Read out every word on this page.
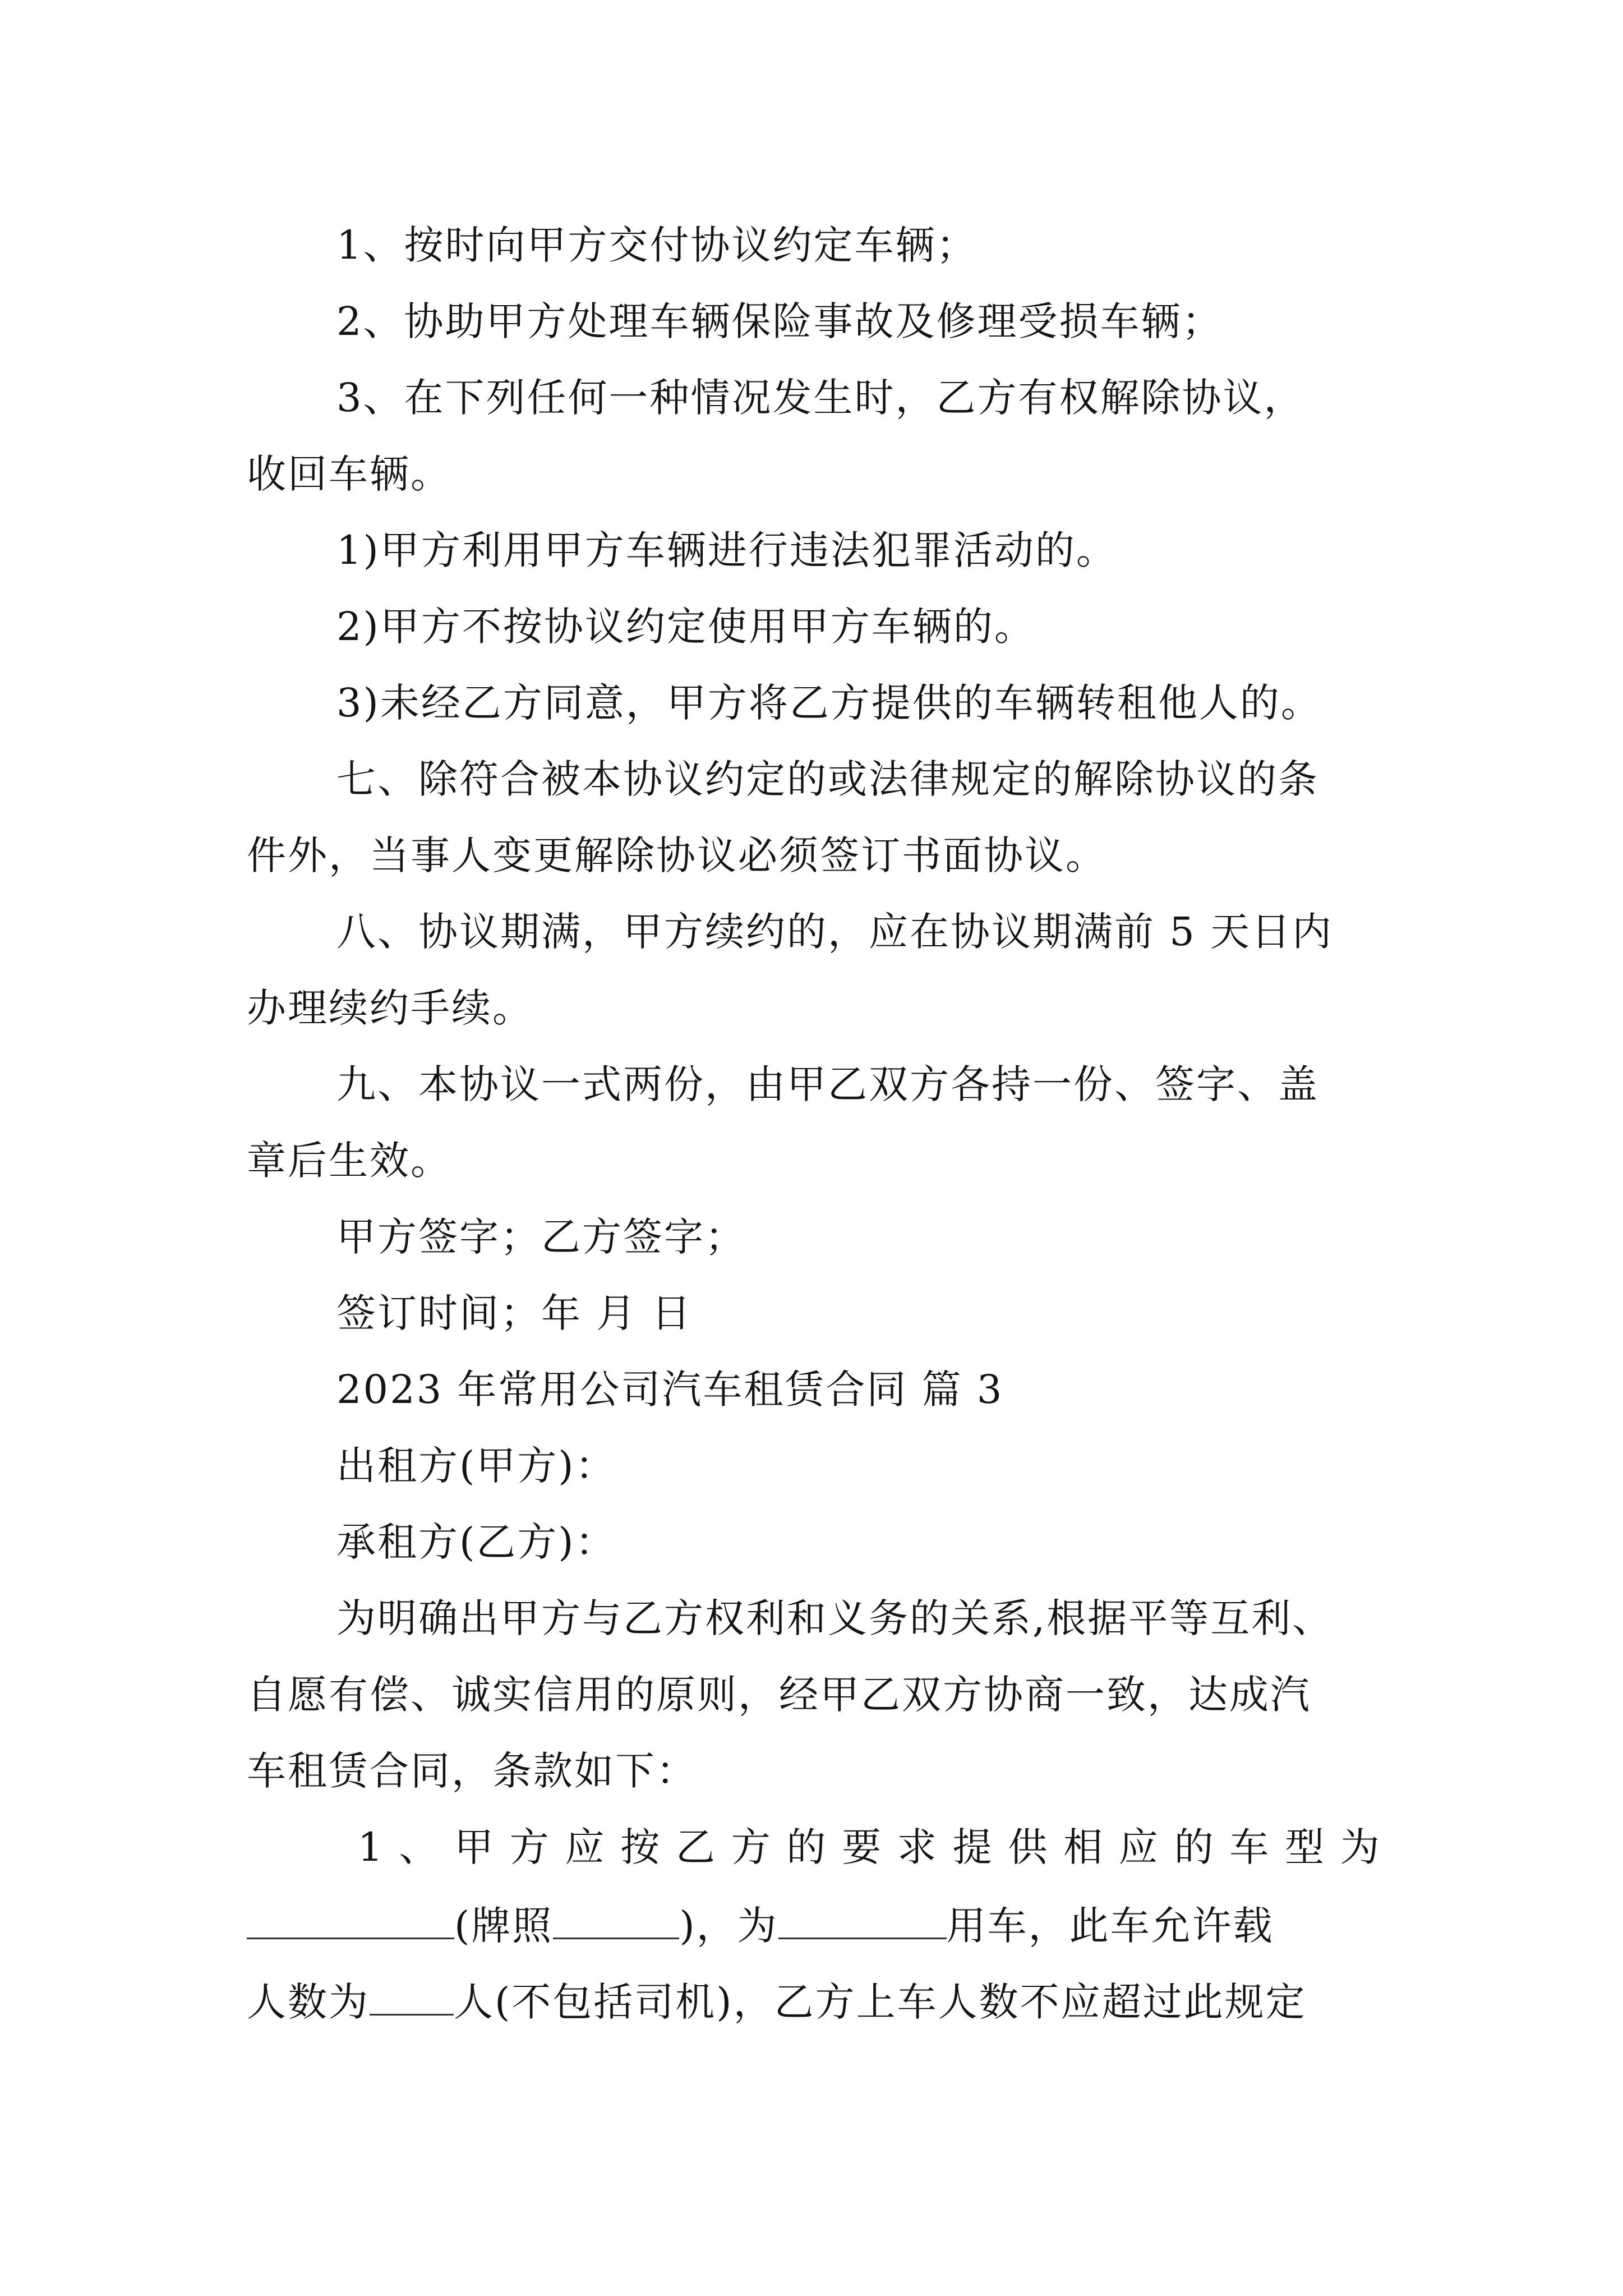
1、按时向甲方交付协议约定车辆；

2、协助甲方处理车辆保险事故及修理受损车辆；

3、在下列任何一种情况发生时，乙方有权解除协议，

收回车辆。

1)甲方利用甲方车辆进行违法犯罪活动的。

2)甲方不按协议约定使用甲方车辆的。

3)未经乙方同意，甲方将乙方提供的车辆转租他人的。

七、除符合被本协议约定的或法律规定的解除协议的条

件外，当事人变更解除协议必须签订书面协议。

八、协议期满，甲方续约的，应在协议期满前 5 天日内

办理续约手续。

九、本协议一式两份，由甲乙双方各持一份、签字、盖

章后生效。

甲方签字；乙方签字；

签订时间；年 月 日

2023 年常用公司汽车租赁合同 篇 3

出租方(甲方)：

承租方(乙方)：

为明确出甲方与乙方权利和义务的关系,根据平等互利、

自愿有偿、诚实信用的原则，经甲乙双方协商一致，达成汽

车租赁合同，条款如下：

1 、 甲 方 应 按 乙 方 的 要 求 提 供 相 应 的 车 型 为

(牌照	)，为	用车，此车允许载

人数为 人(不包括司机)，乙方上车人数不应超过此规定
